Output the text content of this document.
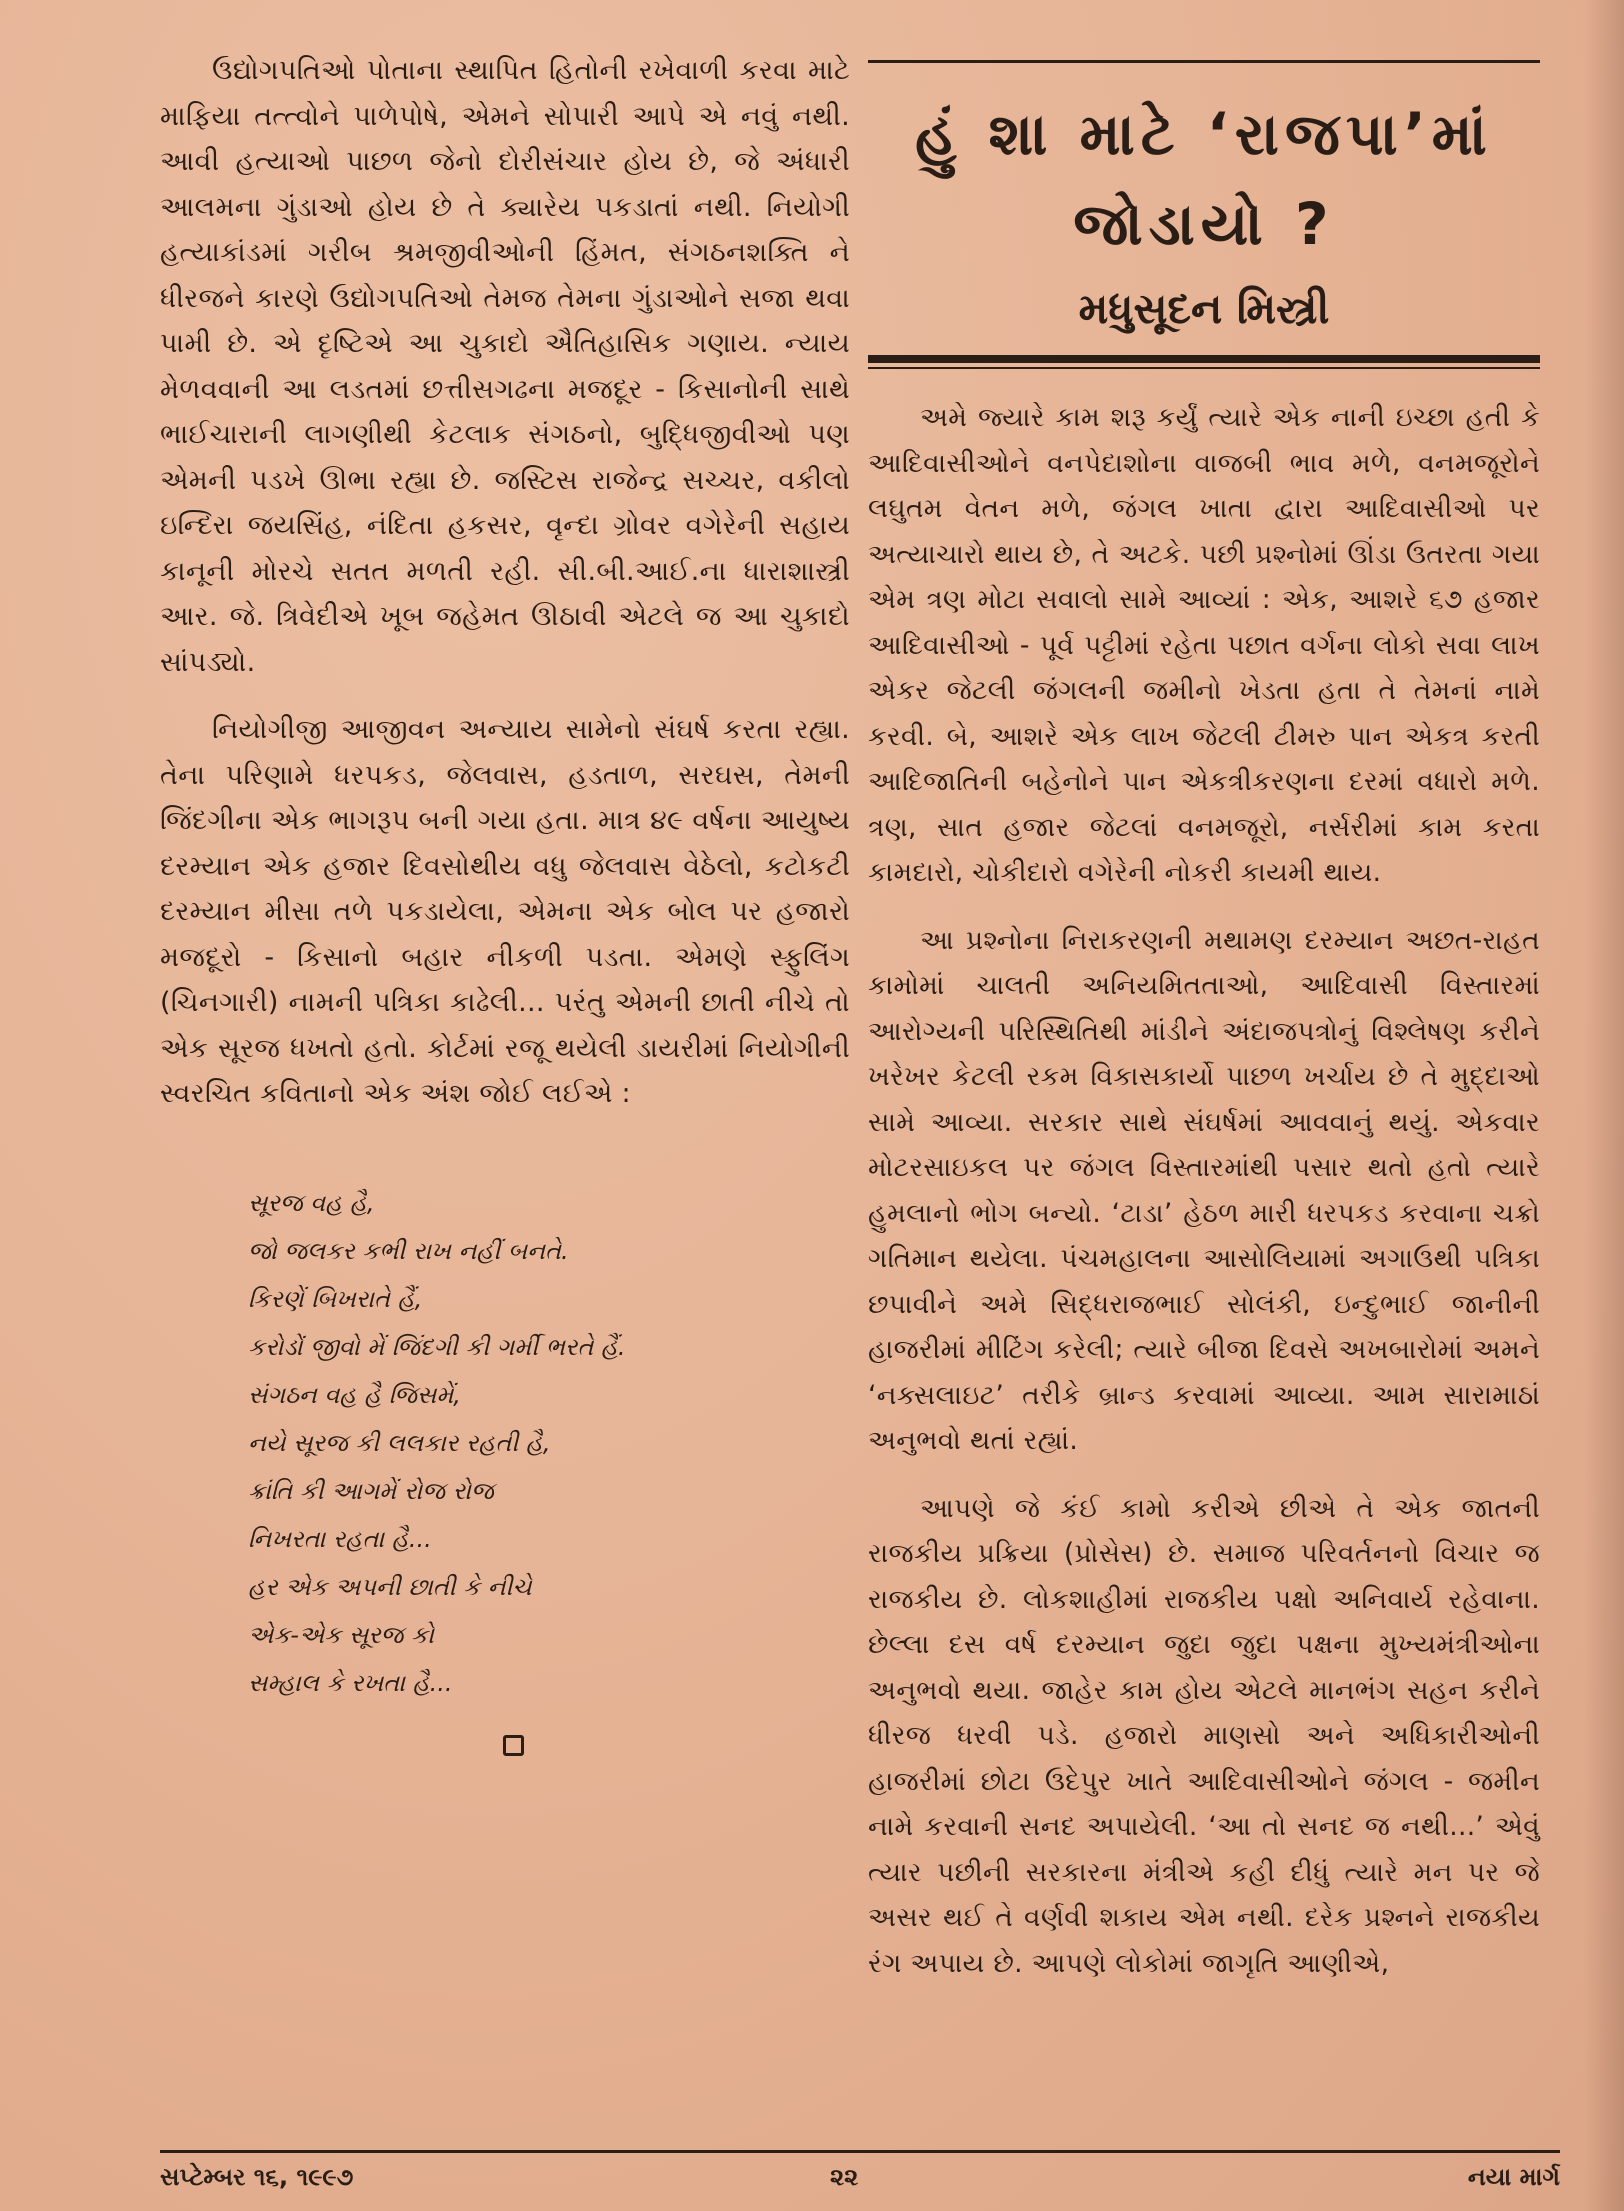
ઉદ્યોગપતિઓ પોતાના સ્થાપિત હિતોની રખેવાળી કરવા માટે માફિયા તત્ત્વોને પાળેપોષે, એમને સોપારી આપે એ નવું નથી. આવી હત્યાઓ પાછળ જેનો દોરીસંચાર હોય છે, જે અંધારી આલમના ગુંડાઓ હોય છે તે ક્યારેય પકડાતાં નથી. નિયોગી હત્યાકાંડમાં ગરીબ શ્રમજીવીઓની હિંમત, સંગઠનશક્તિ ને ધીરજને કારણે ઉદ્યોગપતિઓ તેમજ તેમના ગુંડાઓને સજા થવા પામી છે. એ દૃષ્ટિએ આ ચુકાદો ઐતિહાસિક ગણાય. ન્યાય મેળવવાની આ લડતમાં છત્તીસગઢના મજદૂર - કિસાનોની સાથે ભાઈચારાની લાગણીથી કેટલાક સંગઠનો, બુદ્ધિજીવીઓ પણ એમની પડખે ઊભા રહ્યા છે. જસ્ટિસ રાજેન્દ્ર સચ્ચર, વકીલો ઇન્દિરા જયસિંહ, નંદિતા હકસર, વૃન્દા ગ્રોવર વગેરેની સહાય કાનૂની મોરચે સતત મળતી રહી. સી.બી.આઈ.ના ધારાશાસ્ત્રી આર. જે. ત્રિવેદીએ ખૂબ જહેમત ઊઠાવી એટલે જ આ ચુકાદો સાંપડ્યો.

નિયોગીજી આજીવન અન્યાય સામેનો સંઘર્ષ કરતા રહ્યા. તેના પરિણામે ધરપકડ, જેલવાસ, હડતાળ, સરઘસ, તેમની જિંદગીના એક ભાગરૂપ બની ગયા હતા. માત્ર ૪૯ વર્ષના આયુષ્ય દરમ્યાન એક હજાર દિવસોથીય વધુ જેલવાસ વેઠેલો, કટોકટી દરમ્યાન મીસા તળે પકડાયેલા, એમના એક બોલ પર હજારો મજદૂરો - કિસાનો બહાર નીકળી પડતા. એમણે સ્ફુલિંગ (ચિનગારી) નામની પત્રિકા કાઢેલી... પરંતુ એમની છાતી નીચે તો એક સૂરજ ધખતો હતો. કોર્ટમાં રજૂ થયેલી ડાયરીમાં નિયોગીની સ્વરચિત કવિતાનો એક અંશ જોઈ લઈએ :

સૂરજ વહ હૈ,
જો જલકર કભી રાખ નહીં બનતે.
કિરણેં બિખરાતે હૈં,
કરોડોં જીવો મેં જિંદગી કી ગર્મી ભરતે હૈં.
સંગઠન વહ હૈ જિસમેં,
નયે સૂરજ કી લલકાર રહતી હૈ,
ક્રાંતિ કી આગમેં રોજ રોજ
નિખરતા રહતા હૈ...
હર એક અપની છાતી કે નીચે
એક-એક સૂરજ કો
સમ્હાલ કે રખતા હૈ...
હું શા માટે ‘રાજપા’માં જોડાયો ?
મધુસૂદન મિસ્ત્રી

અમે જ્યારે કામ શરૂ કર્યું ત્યારે એક નાની ઇચ્છા હતી કે આદિવાસીઓને વનપેદાશોના વાજબી ભાવ મળે, વનમજૂરોને લઘુતમ વેતન મળે, જંગલ ખાતા દ્વારા આદિવાસીઓ પર અત્યાચારો થાય છે, તે અટકે. પછી પ્રશ્નોમાં ઊંડા ઉતરતા ગયા એમ ત્રણ મોટા સવાલો સામે આવ્યાં : એક, આશરે ૬૭ હજાર આદિવાસીઓ - પૂર્વ પટ્ટીમાં રહેતા પછાત વર્ગના લોકો સવા લાખ એકર જેટલી જંગલની જમીનો ખેડતા હતા તે તેમનાં નામે કરવી. બે, આશરે એક લાખ જેટલી ટીમરુ પાન એકત્ર કરતી આદિજાતિની બહેનોને પાન એકત્રીકરણના દરમાં વધારો મળે. ત્રણ, સાત હજાર જેટલાં વનમજૂરો, નર્સરીમાં કામ કરતા કામદારો, ચોકીદારો વગેરેની નોકરી કાયમી થાય.

આ પ્રશ્નોના નિરાકરણની મથામણ દરમ્યાન અછત-રાહત કામોમાં ચાલતી અનિયમિતતાઓ, આદિવાસી વિસ્તારમાં આરોગ્યની પરિસ્થિતિથી માંડીને અંદાજપત્રોનું વિશ્લેષણ કરીને ખરેખર કેટલી રકમ વિકાસકાર્યો પાછળ ખર્ચાય છે તે મુદ્દાઓ સામે આવ્યા. સરકાર સાથે સંઘર્ષમાં આવવાનું થયું. એકવાર મોટરસાઇકલ પર જંગલ વિસ્તારમાંથી પસાર થતો હતો ત્યારે હુમલાનો ભોગ બન્યો. ‘ટાડા’ હેઠળ મારી ધરપકડ કરવાના ચક્રો ગતિમાન થયેલા. પંચમહાલના આસોલિયામાં અગાઉથી પત્રિકા છપાવીને અમે સિદ્ધરાજભાઈ સોલંકી, ઇન્દુભાઈ જાનીની હાજરીમાં મીટિંગ કરેલી; ત્યારે બીજા દિવસે અખબારોમાં અમને ‘નક્સલાઇટ’ તરીકે બ્રાન્ડ કરવામાં આવ્યા. આમ સારામાઠાં અનુભવો થતાં રહ્યાં.

આપણે જે કંઈ કામો કરીએ છીએ તે એક જાતની રાજકીય પ્રક્રિયા (પ્રોસેસ) છે. સમાજ પરિવર્તનનો વિચાર જ રાજકીય છે. લોકશાહીમાં રાજકીય પક્ષો અનિવાર્ય રહેવાના. છેલ્લા દસ વર્ષ દરમ્યાન જુદા જુદા પક્ષના મુખ્યમંત્રીઓના અનુભવો થયા. જાહેર કામ હોય એટલે માનભંગ સહન કરીને ધીરજ ધરવી પડે. હજારો માણસો અને અધિકારીઓની હાજરીમાં છોટા ઉદેપુર ખાતે આદિવાસીઓને જંગલ - જમીન નામે કરવાની સનદ અપાયેલી. ‘આ તો સનદ જ નથી...’ એવું ત્યાર પછીની સરકારના મંત્રીએ કહી દીધું ત્યારે મન પર જે અસર થઈ તે વર્ણવી શકાય એમ નથી. દરેક પ્રશ્નને રાજકીય રંગ અપાય છે. આપણે લોકોમાં જાગૃતિ આણીએ,

સપ્ટેમ્બર ૧૬, ૧૯૯૭	૨૨	નયા માર્ગ
